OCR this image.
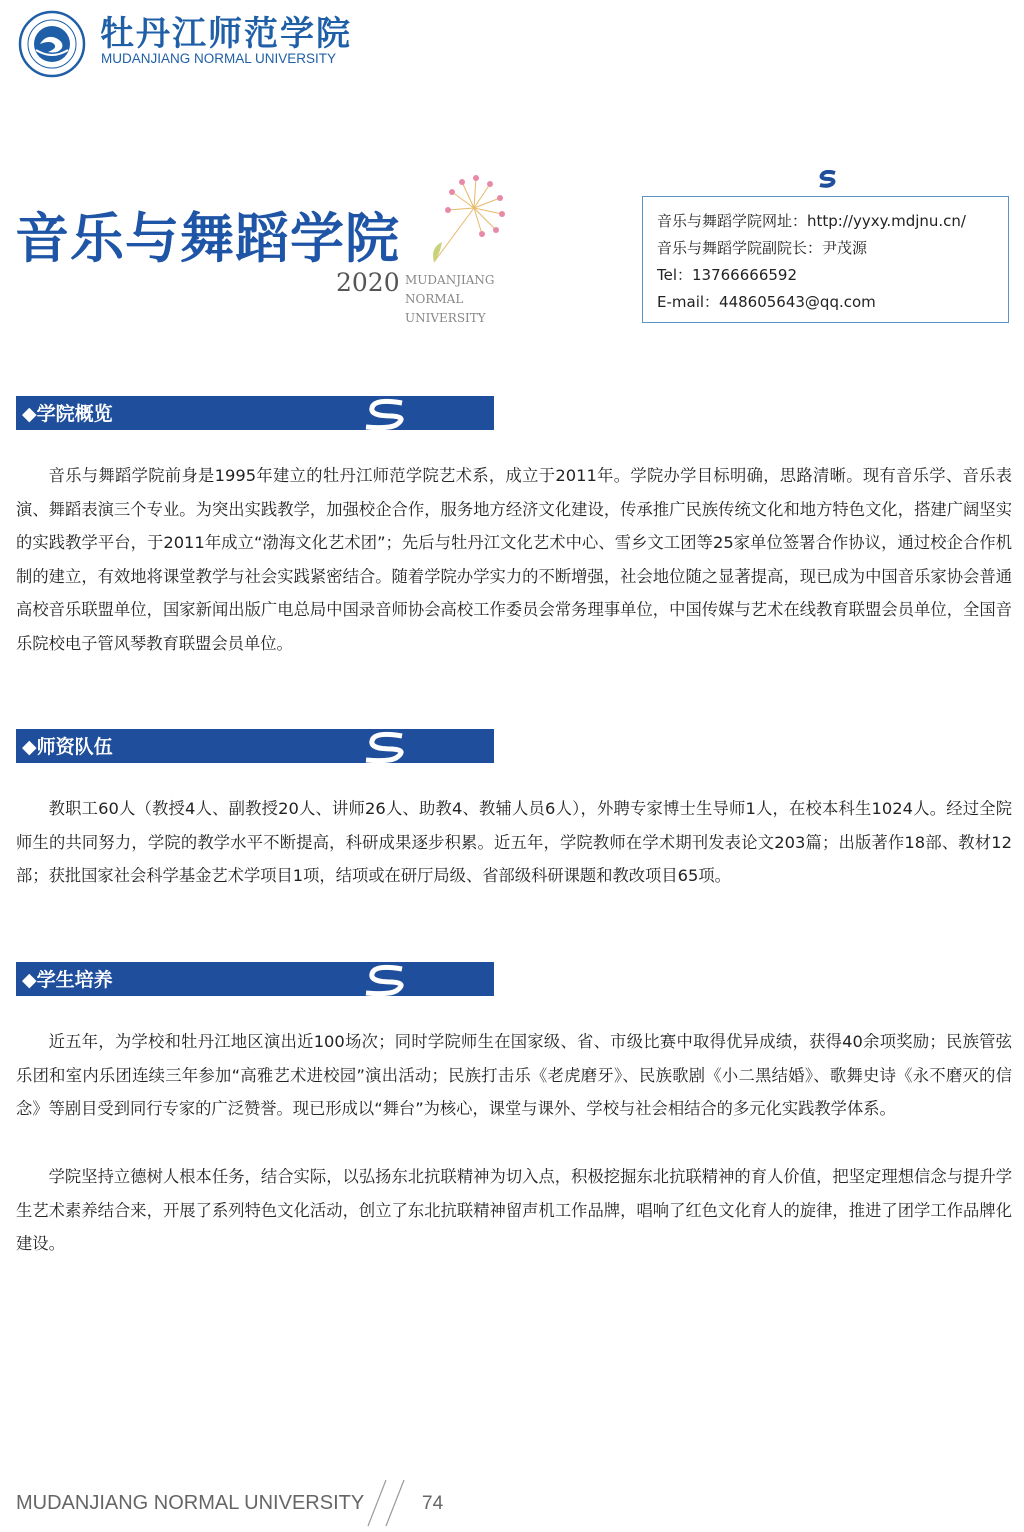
牡丹江师范学院
MUDANJIANG NORMAL UNIVERSITY
音乐与舞蹈学院
2020 MUDANJIANG
NORMAL
UNIVERSITY
音乐与舞蹈学院网址：http://yyxy.mdjnu.cn/
音乐与舞蹈学院副院长：尹茂源
Tel：13766666592
E-mail：448605643@qq.com
◆学院概览

音乐与舞蹈学院前身是1995年建立的牡丹江师范学院艺术系，成立于2011年。学院办学目标明确，思路清晰。现有音乐学、音乐表演、舞蹈表演三个专业。为突出实践教学，加强校企合作，服务地方经济文化建设，传承推广民族传统文化和地方特色文化，搭建广阔坚实的实践教学平台，于2011年成立“渤海文化艺术团”；先后与牡丹江文化艺术中心、雪乡文工团等25家单位签署合作协议，通过校企合作机制的建立，有效地将课堂教学与社会实践紧密结合。随着学院办学实力的不断增强，社会地位随之显著提高，现已成为中国音乐家协会普通高校音乐联盟单位，国家新闻出版广电总局中国录音师协会高校工作委员会常务理事单位，中国传媒与艺术在线教育联盟会员单位，全国音乐院校电子管风琴教育联盟会员单位。

◆师资队伍

教职工60人（教授4人、副教授20人、讲师26人、助教4、教辅人员6人），外聘专家博士生导师1人，在校本科生1024人。经过全院师生的共同努力，学院的教学水平不断提高，科研成果逐步积累。近五年，学院教师在学术期刊发表论文203篇；出版著作18部、教材12部；获批国家社会科学基金艺术学项目1项，结项或在研厅局级、省部级科研课题和教改项目65项。

◆学生培养

近五年，为学校和牡丹江地区演出近100场次；同时学院师生在国家级、省、市级比赛中取得优异成绩，获得40余项奖励；民族管弦乐团和室内乐团连续三年参加“高雅艺术进校园”演出活动；民族打击乐《老虎磨牙》、民族歌剧《小二黑结婚》、歌舞史诗《永不磨灭的信念》等剧目受到同行专家的广泛赞誉。现已形成以“舞台”为核心，课堂与课外、学校与社会相结合的多元化实践教学体系。

学院坚持立德树人根本任务，结合实际，以弘扬东北抗联精神为切入点，积极挖掘东北抗联精神的育人价值，把坚定理想信念与提升学生艺术素养结合来，开展了系列特色文化活动，创立了东北抗联精神留声机工作品牌，唱响了红色文化育人的旋律，推进了团学工作品牌化建设。

MUDANJIANG NORMAL UNIVERSITY	74
